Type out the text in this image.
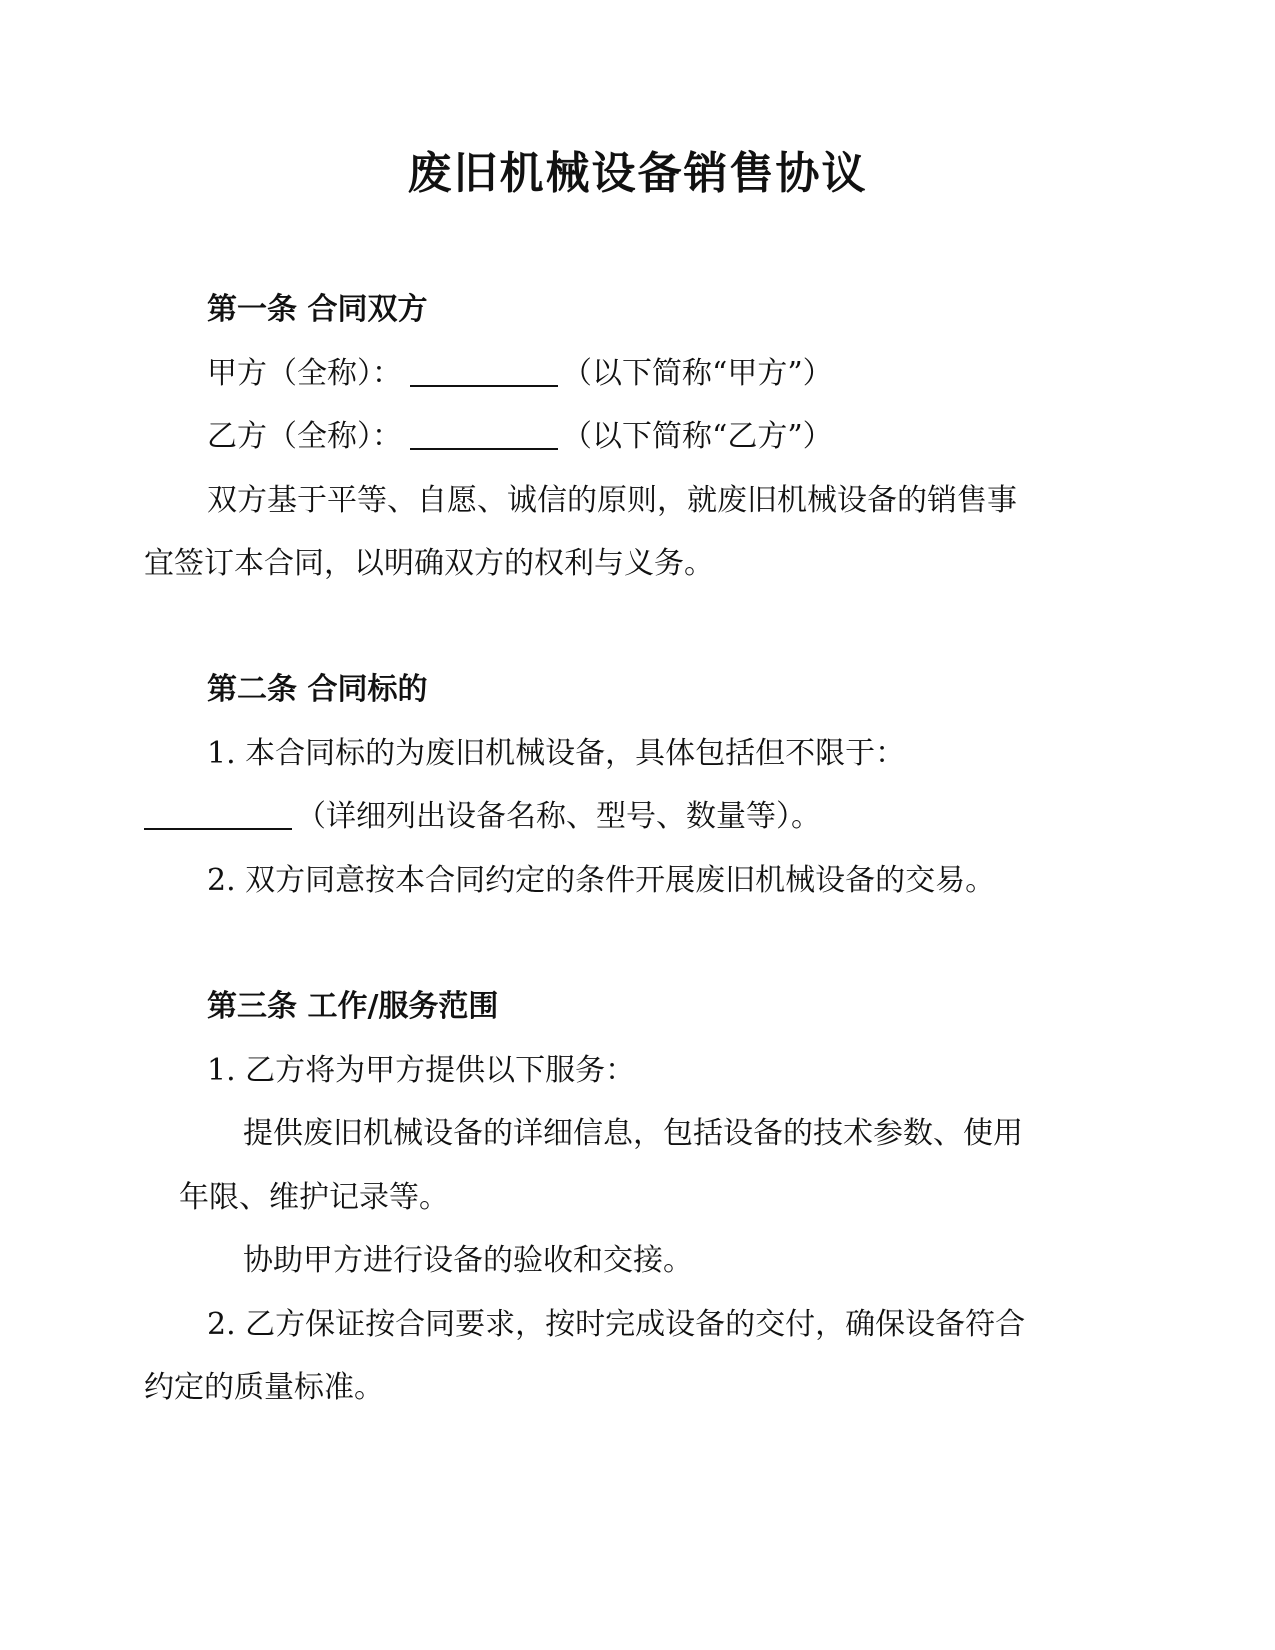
废旧机械设备销售协议
第一条 合同双方
甲方（全称）：	（以下简称“甲方”）
乙方（全称）：	（以下简称“乙方”）
双方基于平等、自愿、诚信的原则，就废旧机械设备的销售事
宜签订本合同，以明确双方的权利与义务。
第二条 合同标的
1. 本合同标的为废旧机械设备，具体包括但不限于：
（详细列出设备名称、型号、数量等）。
2. 双方同意按本合同约定的条件开展废旧机械设备的交易。
第三条 工作/服务范围
1. 乙方将为甲方提供以下服务：
提供废旧机械设备的详细信息，包括设备的技术参数、使用
年限、维护记录等。
协助甲方进行设备的验收和交接。
2. 乙方保证按合同要求，按时完成设备的交付，确保设备符合
约定的质量标准。
